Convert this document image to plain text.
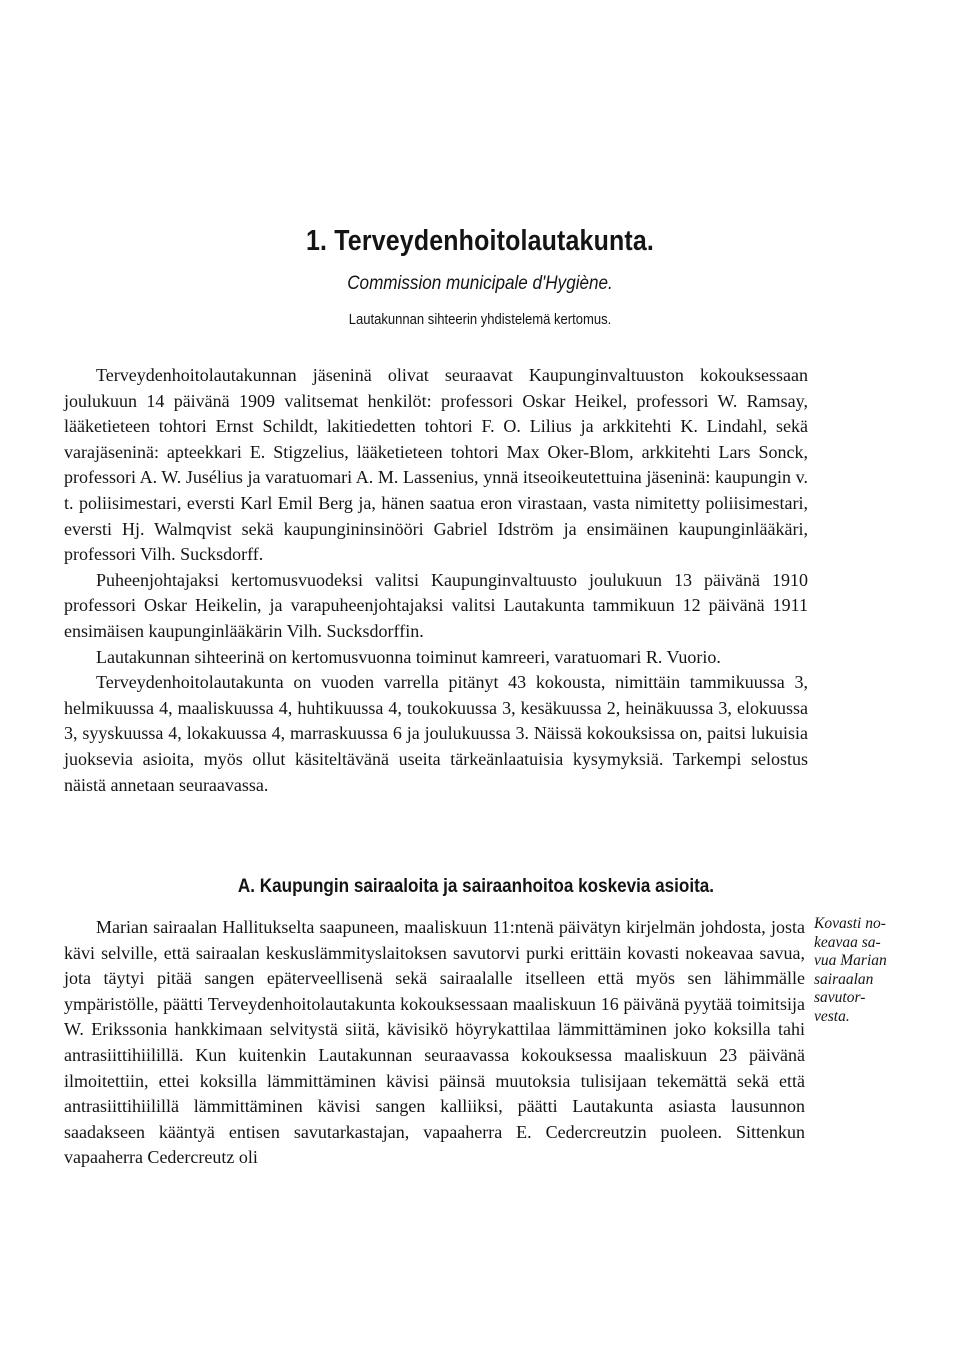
1. Terveydenhoitolautakunta.
Commission municipale d'Hygiène.
Lautakunnan sihteerin yhdistelemä kertomus.

Terveydenhoitolautakunnan jäseninä olivat seuraavat Kaupunginvaltuuston kokouksessaan joulukuun 14 päivänä 1909 valitsemat henkilöt: professori Oskar Heikel, professori W. Ramsay, lääketieteen tohtori Ernst Schildt, lakitiedetten tohtori F. O. Lilius ja arkkitehti K. Lindahl, sekä varajäseninä: apteekkari E. Stigzelius, lääketieteen tohtori Max Oker-Blom, arkkitehti Lars Sonck, professori A. W. Jusélius ja varatuomari A. M. Lassenius, ynnä itseoikeutettuina jäseninä: kaupungin v. t. poliisimestari, eversti Karl Emil Berg ja, hänen saatua eron virastaan, vasta nimitetty poliisimestari, eversti Hj. Walmqvist sekä kaupungininsinööri Gabriel Idström ja ensimäinen kaupunginlääkäri, professori Vilh. Sucksdorff.

Puheenjohtajaksi kertomusvuodeksi valitsi Kaupunginvaltuusto joulukuun 13 päivänä 1910 professori Oskar Heikelin, ja varapuheenjohtajaksi valitsi Lautakunta tammikuun 12 päivänä 1911 ensimäisen kaupunginlääkärin Vilh. Sucksdorffin.

Lautakunnan sihteerinä on kertomusvuonna toiminut kamreeri, varatuomari R. Vuorio.

Terveydenhoitolautakunta on vuoden varrella pitänyt 43 kokousta, nimittäin tammikuussa 3, helmikuussa 4, maaliskuussa 4, huhtikuussa 4, toukokuussa 3, kesäkuussa 2, heinäkuussa 3, elokuussa 3, syyskuussa 4, lokakuussa 4, marraskuussa 6 ja joulukuussa 3. Näissä kokouksissa on, paitsi lukuisia juoksevia asioita, myös ollut käsiteltävänä useita tärkeänlaatuisia kysymyksiä. Tarkempi selostus näistä annetaan seuraavassa.

A. Kaupungin sairaaloita ja sairaanhoitoa koskevia asioita.

Marian sairaalan Hallitukselta saapuneen, maaliskuun 11:ntenä päivätyn kirjelmän johdosta, josta kävi selville, että sairaalan keskuslämmityslaitoksen savutorvi purki erittäin kovasti nokeavaa savua, jota täytyi pitää sangen epäterveellisenä sekä sairaalalle itselleen että myös sen lähimmälle ympäristölle, päätti Terveydenhoitolautakunta kokouksessaan maaliskuun 16 päivänä pyytää toimitsija W. Erikssonia hankkimaan selvitystä siitä, kävisikö höyrykattilaa lämmittäminen joko koksilla tahi antrasiittihiilillä. Kun kuitenkin Lautakunnan seuraavassa kokouksessa maaliskuun 23 päivänä ilmoitettiin, ettei koksilla lämmittäminen kävisi päinsä muutoksia tulisijaan tekemättä sekä että antrasiittihiilillä lämmittäminen kävisi sangen kalliiksi, päätti Lautakunta asiasta lausunnon saadakseen kääntyä entisen savutarkastajan, vapaaherra E. Cedercreutzin puoleen. Sittenkun vapaaherra Cedercreutz oli

Kovasti no-
keavaa sa-
vua Marian
sairaalan
savutor-
vesta.
